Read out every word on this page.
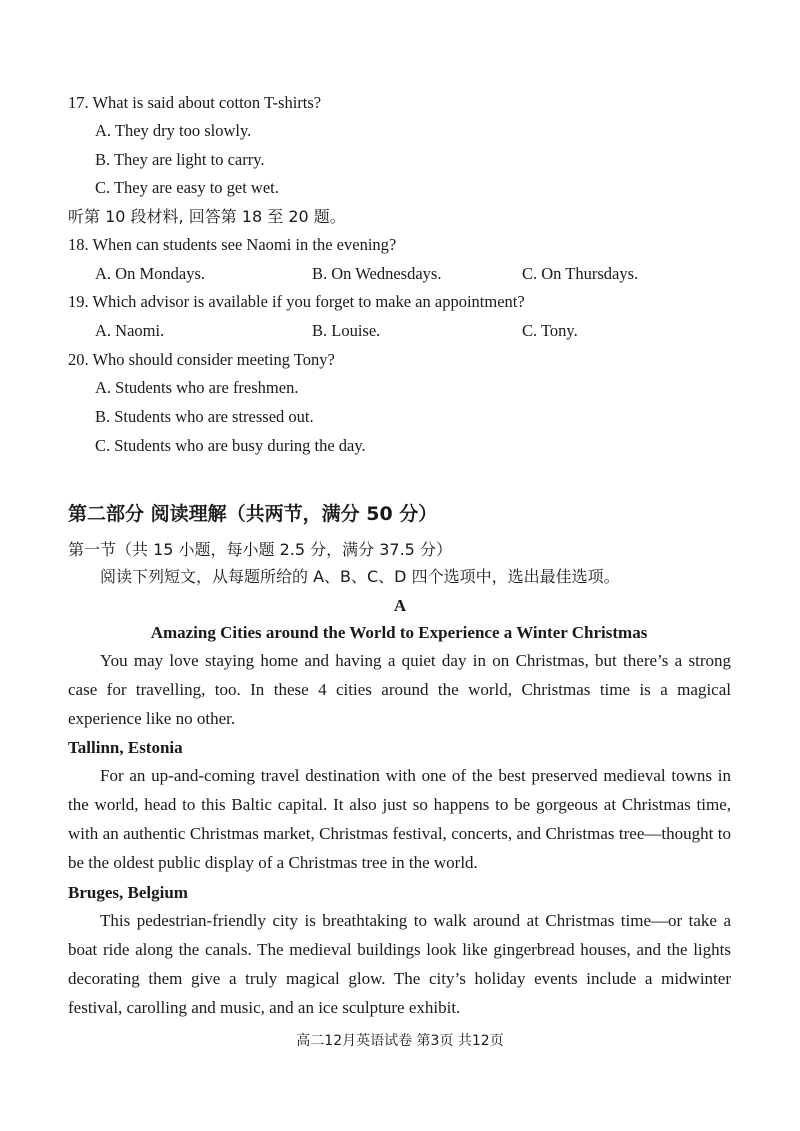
17. What is said about cotton T-shirts?
A. They dry too slowly.
B. They are light to carry.
C. They are easy to get wet.
听第 10 段材料, 回答第 18 至 20 题。
18. When can students see Naomi in the evening?
A. On Mondays.	B. On Wednesdays.	C. On Thursdays.
19. Which advisor is available if you forget to make an appointment?
A. Naomi.	B. Louise.	C. Tony.
20. Who should consider meeting Tony?
A. Students who are freshmen.
B. Students who are stressed out.
C. Students who are busy during the day.
第二部分 阅读理解（共两节，满分 50 分）
第一节（共 15 小题，每小题 2.5 分，满分 37.5 分）
阅读下列短文，从每题所给的 A、B、C、D 四个选项中，选出最佳选项。
A
Amazing Cities around the World to Experience a Winter Christmas

You may love staying home and having a quiet day in on Christmas, but there’s a strong case for travelling, too. In these 4 cities around the world, Christmas time is a magical experience like no other.

Tallinn, Estonia

For an up-and-coming travel destination with one of the best preserved medieval towns in the world, head to this Baltic capital. It also just so happens to be gorgeous at Christmas time, with an authentic Christmas market, Christmas festival, concerts, and Christmas tree—thought to be the oldest public display of a Christmas tree in the world.

Bruges, Belgium

This pedestrian-friendly city is breathtaking to walk around at Christmas time—or take a boat ride along the canals. The medieval buildings look like gingerbread houses, and the lights decorating them give a truly magical glow. The city’s holiday events include a midwinter festival, carolling and music, and an ice sculpture exhibit.

高二12月英语试卷 第3页 共12页
